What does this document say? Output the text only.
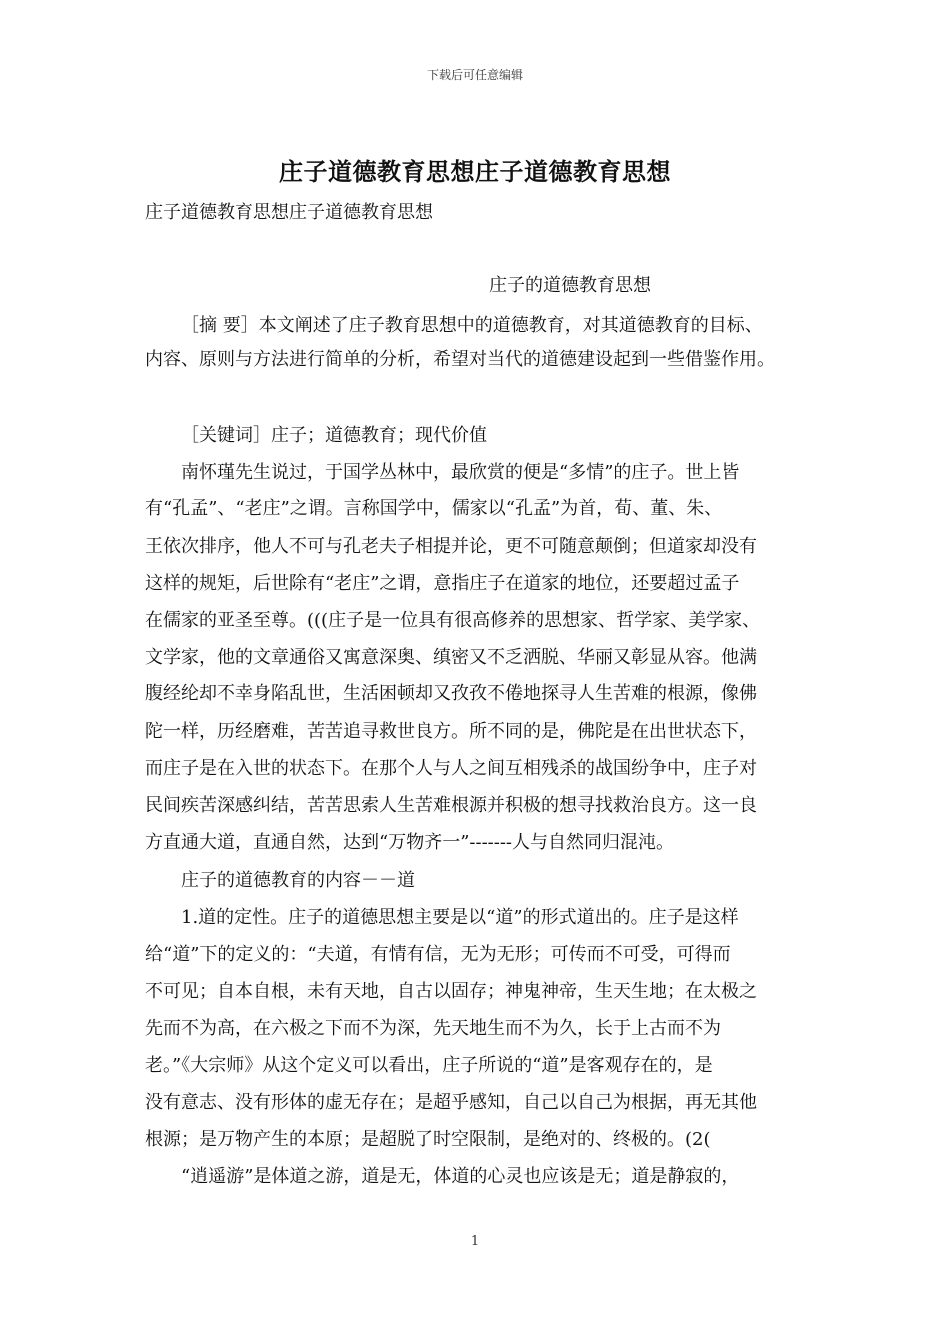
下载后可任意编辑
庄子道德教育思想庄子道德教育思想
庄子道德教育思想庄子道德教育思想
庄子的道德教育思想
［摘 要］本文阐述了庄子教育思想中的道德教育，对其道德教育的目标、
内容、原则与方法进行简单的分析，希望对当代的道德建设起到一些借鉴作用。
［关键词］庄子；道德教育；现代价值
南怀瑾先生说过，于国学丛林中，最欣赏的便是“多情”的庄子。世上皆
有“孔孟”、“老庄”之谓。言称国学中，儒家以“孔孟”为首，荀、董、朱、
王依次排序，他人不可与孔老夫子相提并论，更不可随意颠倒；但道家却没有
这样的规矩，后世除有“老庄”之谓，意指庄子在道家的地位，还要超过孟子
在儒家的亚圣至尊。(((庄子是一位具有很高修养的思想家、哲学家、美学家、
文学家，他的文章通俗又寓意深奥、缜密又不乏洒脱、华丽又彰显从容。他满
腹经纶却不幸身陷乱世，生活困顿却又孜孜不倦地探寻人生苦难的根源，像佛
陀一样，历经磨难，苦苦追寻救世良方。所不同的是，佛陀是在出世状态下，
而庄子是在入世的状态下。在那个人与人之间互相残杀的战国纷争中，庄子对
民间疾苦深感纠结，苦苦思索人生苦难根源并积极的想寻找救治良方。这一良
方直通大道，直通自然，达到“万物齐一”-------人与自然同归混沌。
庄子的道德教育的内容－－道
1.道的定性。庄子的道德思想主要是以“道”的形式道出的。庄子是这样
给“道”下的定义的：“夫道，有情有信，无为无形；可传而不可受，可得而
不可见；自本自根，未有天地，自古以固存；神鬼神帝，生天生地；在太极之
先而不为高，在六极之下而不为深，先天地生而不为久，长于上古而不为
老。”《大宗师》从这个定义可以看出，庄子所说的“道”是客观存在的，是
没有意志、没有形体的虚无存在；是超乎感知，自己以自己为根据，再无其他
根源；是万物产生的本原；是超脱了时空限制，是绝对的、终极的。(2(
“逍遥游”是体道之游，道是无，体道的心灵也应该是无；道是静寂的，
1
